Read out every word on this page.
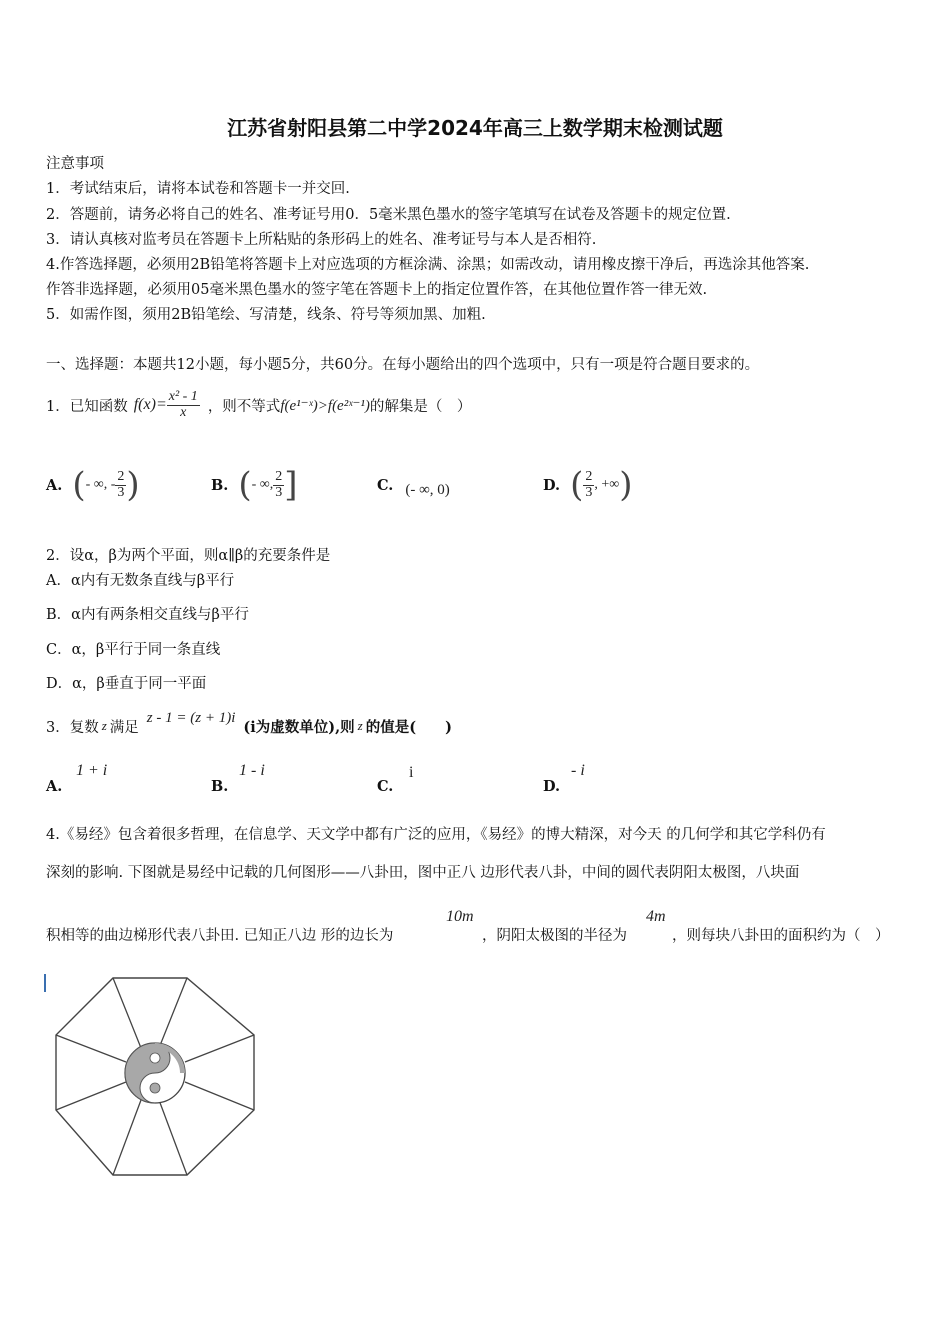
江苏省射阳县第二中学2024年高三上数学期末检测试题
注意事项
1．考试结束后，请将本试卷和答题卡一并交回.
2．答题前，请务必将自己的姓名、准考证号用0．5毫米黑色墨水的签字笔填写在试卷及答题卡的规定位置.
3．请认真核对监考员在答题卡上所粘贴的条形码上的姓名、准考证号与本人是否相符.
4.作答选择题，必须用2B铅笔将答题卡上对应选项的方框涂满、涂黑；如需改动，请用橡皮擦干净后，再选涂其他答案.
作答非选择题，必须用05毫米黑色墨水的签字笔在答题卡上的指定位置作答，在其他位置作答一律无效.
5．如需作图，须用2B铅笔绘、写清楚，线条、符号等须加黑、加粗.
一、选择题：本题共12小题，每小题5分，共60分。在每小题给出的四个选项中，只有一项是符合题目要求的。
1．已知函数 $f(x)= \frac{\text{x² - 1}}{x}$ ，则不等式 f(e¹⁻ˣ)>f(e²ˣ⁻¹) 的解集是（　）
A. ( - ∞, - $\frac{2}{3}$ )	B. ( - ∞, $\frac{2}{3}$ ]	C. (- ∞, 0)	D. ( $\frac{2}{3}$ , +∞ )
2．设α，β为两个平面，则α∥β的充要条件是
A．α内有无数条直线与β平行
B．α内有两条相交直线与β平行
C．α，β平行于同一条直线
D．α，β垂直于同一平面
3．复数 z 满足
z - 1 = (z + 1)i
(i为虚数单位),则 z 的值是(　　)
A.
1 + i
B.
1 - i
C.
i
D.
- i
4.《易经》包含着很多哲理，在信息学、天文学中都有广泛的应用，《易经》的博大精深，对今天 的几何学和其它学科仍有
深刻的影响. 下图就是易经中记载的几何图形——八卦田，图中正八 边形代表八卦，中间的圆代表阴阳太极图，八块面
积相等的曲边梯形代表八卦田. 已知正八边 形的边长为
10m
，阴阳太极图的半径为
4m
，则每块八卦田的面积约为（　）
